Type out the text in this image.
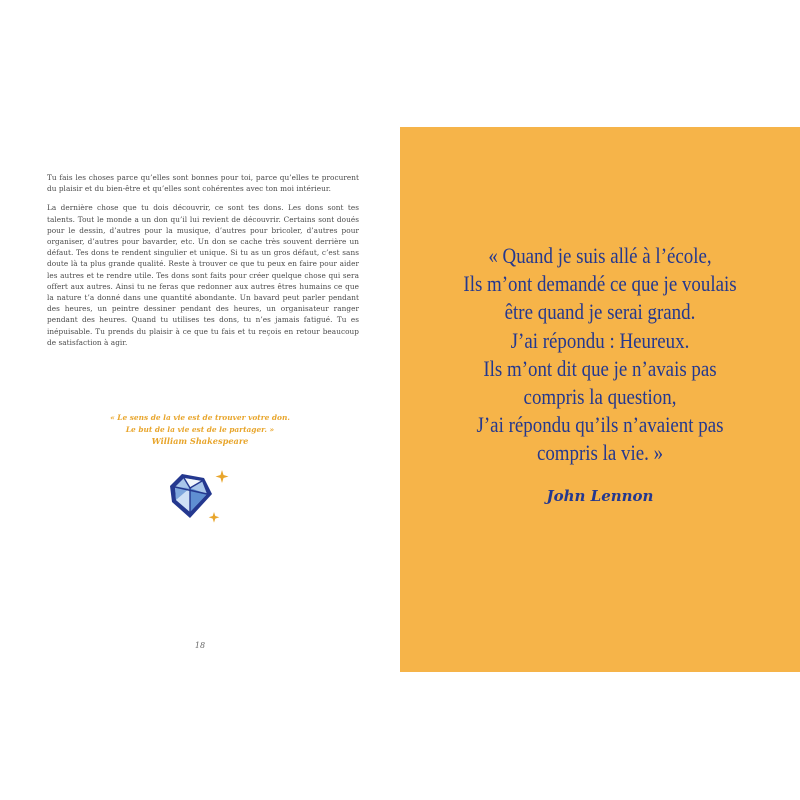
Tu fais les choses parce qu’elles sont bonnes pour toi, parce qu’elles te procurent du plaisir et du bien-être et qu’elles sont cohérentes avec ton moi intérieur.

La dernière chose que tu dois découvrir, ce sont tes dons. Les dons sont tes talents. Tout le monde a un don qu’il lui revient de découvrir. Certains sont doués pour le dessin, d’autres pour la musique, d’autres pour bricoler, d’autres pour organiser, d’autres pour bavarder, etc. Un don se cache très souvent derrière un défaut. Tes dons te rendent singulier et unique. Si tu as un gros défaut, c’est sans doute là ta plus grande qualité. Reste à trouver ce que tu peux en faire pour aider les autres et te rendre utile. Tes dons sont faits pour créer quelque chose qui sera offert aux autres. Ainsi tu ne feras que redonner aux autres êtres humains ce que la nature t’a donné dans une quantité abondante. Un bavard peut parler pendant des heures, un peintre dessiner pendant des heures, un organisateur ranger pendant des heures. Quand tu utilises tes dons, tu n’es jamais fatigué. Tu es inépuisable. Tu prends du plaisir à ce que tu fais et tu reçois en retour beaucoup de satisfaction à agir.

« Le sens de la vie est de trouver votre don.
Le but de la vie est de le partager. »
William Shakespeare
18
« Quand je suis allé à l’école,
Ils m’ont demandé ce que je voulais
être quand je serai grand.
J’ai répondu : Heureux.
Ils m’ont dit que je n’avais pas
compris la question,
J’ai répondu qu’ils n’avaient pas
compris la vie. »
John Lennon
